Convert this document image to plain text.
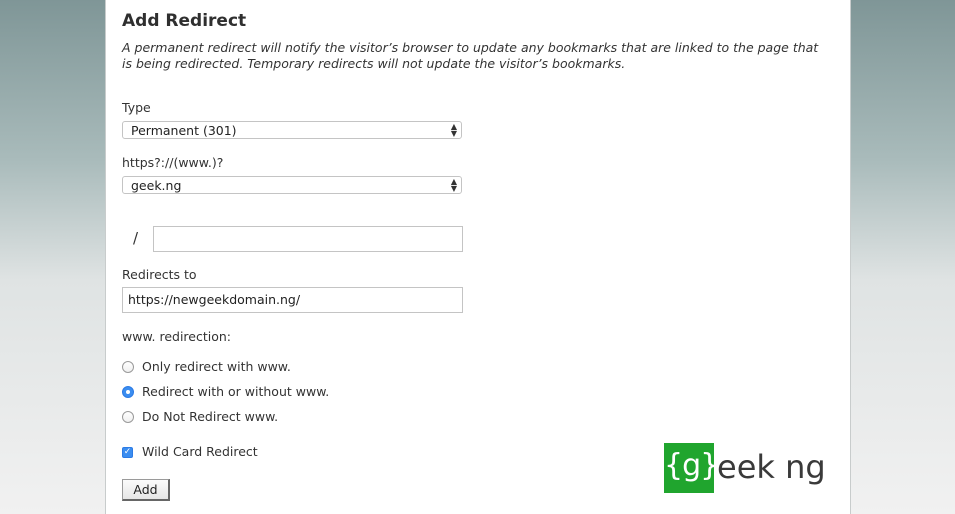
Add Redirect
A permanent redirect will notify the visitor’s browser to update any bookmarks that are linked to the page that is being redirected. Temporary redirects will not update the visitor’s bookmarks.
Type
Permanent (301)	▲
▼
https?://(www.)?
geek.ng	▲
▼
/
Redirects to
https://newgeekdomain.ng/
www. redirection:
Only redirect with www.
Redirect with or without www.
Do Not Redirect www.
✓ Wild Card Redirect
Add
{g}
eek ng
